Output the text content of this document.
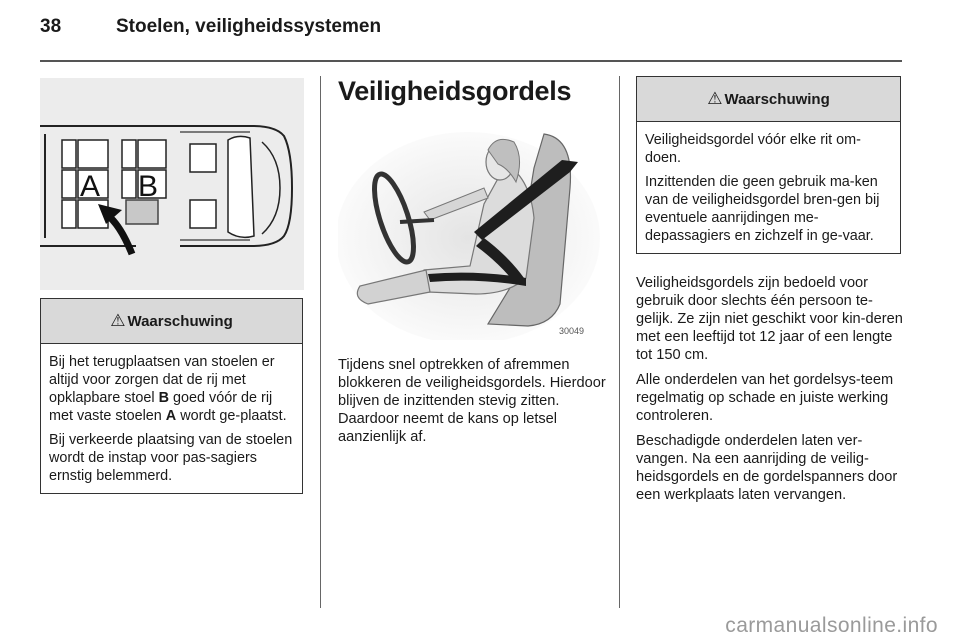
38	Stoelen, veiligheidssystemen
A B
⚠ Waarschuwing

Bij het terugplaatsen van stoelen er altijd voor zorgen dat de rij met opklapbare stoel B goed vóór de rij met vaste stoelen A wordt ge-plaatst.

Bij verkeerde plaatsing van de stoelen wordt de instap voor pas-sagiers ernstig belemmerd.

Veiligheidsgordels
30049

Tijdens snel optrekken of afremmen blokkeren de veiligheidsgordels. Hierdoor blijven de inzittenden stevig zitten. Daardoor neemt de kans op letsel aanzienlijk af.

⚠ Waarschuwing

Veiligheidsgordel vóór elke rit om-doen.

Inzittenden die geen gebruik ma-ken van de veiligheidsgordel bren-gen bij eventuele aanrijdingen me-depassagiers en zichzelf in ge-vaar.

Veiligheidsgordels zijn bedoeld voor gebruik door slechts één persoon te-gelijk. Ze zijn niet geschikt voor kin-deren met een leeftijd tot 12 jaar of een lengte tot 150 cm.

Alle onderdelen van het gordelsys-teem regelmatig op schade en juiste werking controleren.

Beschadigde onderdelen laten ver-vangen. Na een aanrijding de veilig-heidsgordels en de gordelspanners door een werkplaats laten vervangen.

carmanualsonline.info
